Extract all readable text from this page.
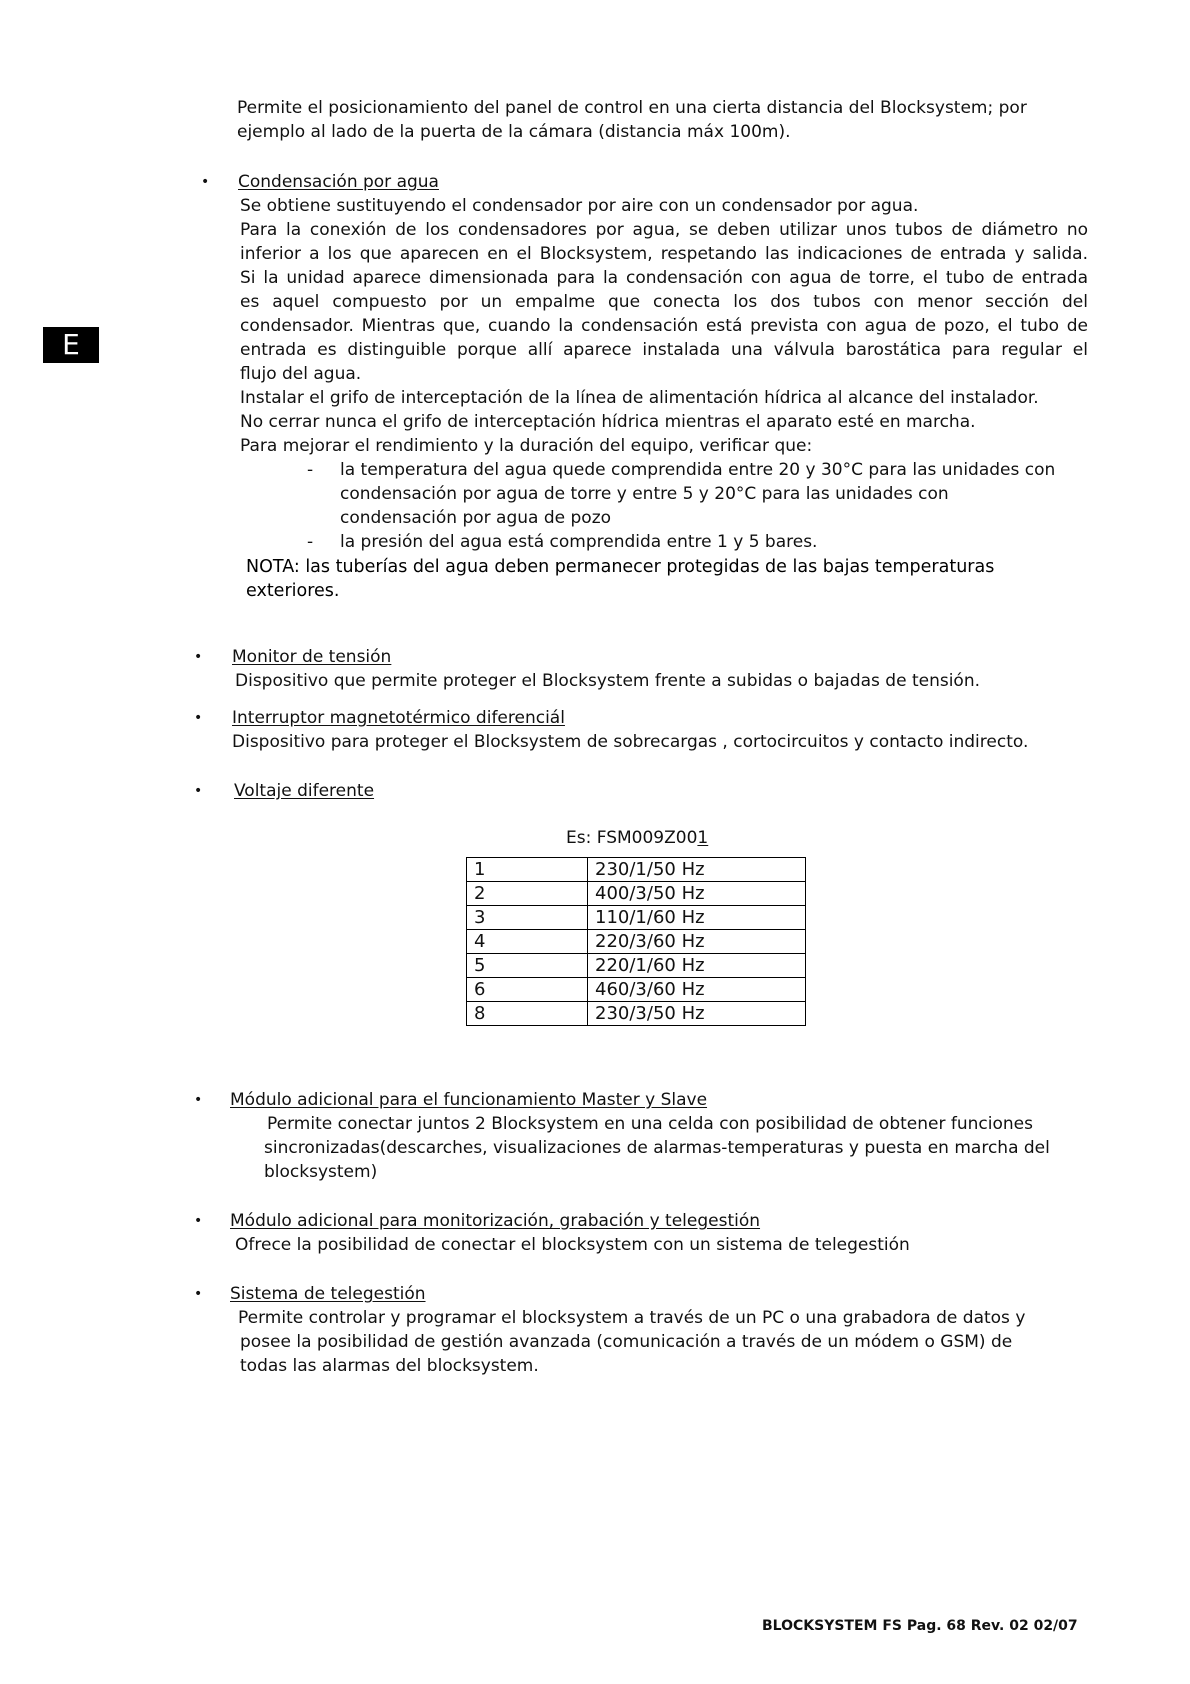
E
Permite el posicionamiento del panel de control en una cierta distancia del Blocksystem; por
ejemplo al lado de la puerta de la cámara (distancia máx 100m).
• Condensación por agua
Se obtiene sustituyendo el condensador por aire con un condensador por agua.
Para la conexión de los condensadores por agua, se deben utilizar unos tubos de diámetro no
inferior a los que aparecen en el Blocksystem, respetando las indicaciones de entrada y salida.
Si la unidad aparece dimensionada para la condensación con agua de torre, el tubo de entrada
es aquel compuesto por un empalme que conecta los dos tubos con menor sección del
condensador. Mientras que, cuando la condensación está prevista con agua de pozo, el tubo de
entrada es distinguible porque allí aparece instalada una válvula barostática para regular el
flujo del agua.
Instalar el grifo de interceptación de la línea de alimentación hídrica al alcance del instalador.
No cerrar nunca el grifo de interceptación hídrica mientras el aparato esté en marcha.
Para mejorar el rendimiento y la duración del equipo, verificar que:
- la temperatura del agua quede comprendida entre 20 y 30°C para las unidades con
condensación por agua de torre y entre 5 y 20°C para las unidades con
condensación por agua de pozo
- la presión del agua está comprendida entre 1 y 5 bares.
NOTA: las tuberías del agua deben permanecer protegidas de las bajas temperaturas
exteriores.
• Monitor de tensión
Dispositivo que permite proteger el Blocksystem frente a subidas o bajadas de tensión.
• Interruptor magnetotérmico diferenciál
Dispositivo para proteger el Blocksystem de sobrecargas , cortocircuitos y contacto indirecto.
• Voltaje diferente
Es: FSM009Z001
1	230/1/50 Hz
2	400/3/50 Hz
3	110/1/60 Hz
4	220/3/60 Hz
5	220/1/60 Hz
6	460/3/60 Hz
8	230/3/50 Hz
• Módulo adicional para el funcionamiento Master y Slave
Permite conectar juntos 2 Blocksystem en una celda con posibilidad de obtener funciones
sincronizadas(descarches, visualizaciones de alarmas-temperaturas y puesta en marcha del
blocksystem)
• Módulo adicional para monitorización, grabación y telegestión
Ofrece la posibilidad de conectar el blocksystem con un sistema de telegestión
• Sistema de telegestión
Permite controlar y programar el blocksystem a través de un PC o una grabadora de datos y
posee la posibilidad de gestión avanzada (comunicación a través de un módem o GSM) de
todas las alarmas del blocksystem.
BLOCKSYSTEM FS Pag. 68 Rev. 02 02/07
